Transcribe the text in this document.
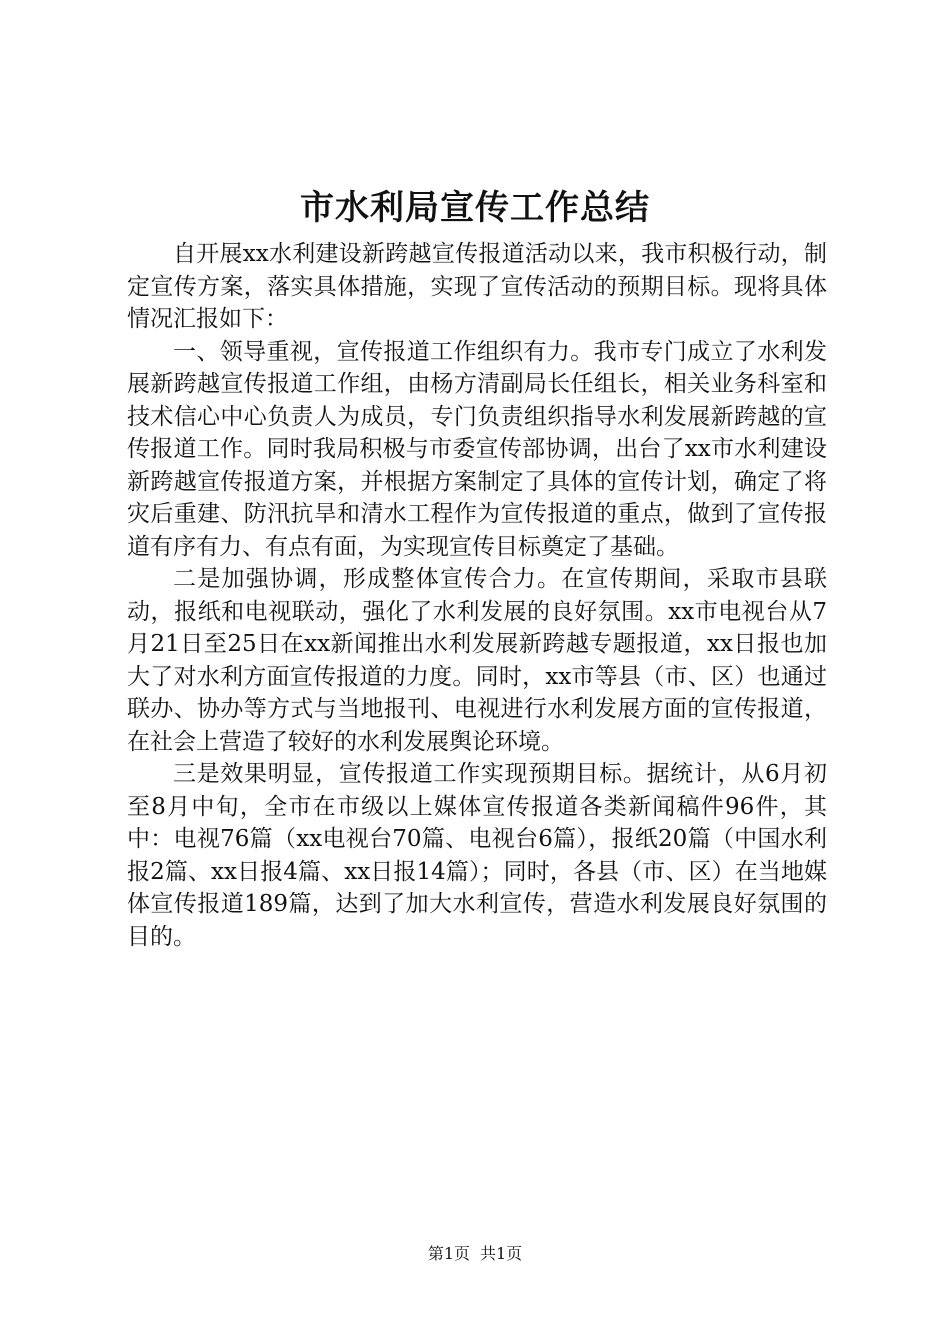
市水利局宣传工作总结

自开展xx水利建设新跨越宣传报道活动以来，我市积极行动，制定宣传方案，落实具体措施，实现了宣传活动的预期目标。现将具体情况汇报如下：

一、领导重视，宣传报道工作组织有力。我市专门成立了水利发展新跨越宣传报道工作组，由杨方清副局长任组长，相关业务科室和技术信心中心负责人为成员，专门负责组织指导水利发展新跨越的宣传报道工作。同时我局积极与市委宣传部协调，出台了xx市水利建设新跨越宣传报道方案，并根据方案制定了具体的宣传计划，确定了将灾后重建、防汛抗旱和清水工程作为宣传报道的重点，做到了宣传报道有序有力、有点有面，为实现宣传目标奠定了基础。

二是加强协调，形成整体宣传合力。在宣传期间，采取市县联动，报纸和电视联动，强化了水利发展的良好氛围。xx市电视台从7月21日至25日在xx新闻推出水利发展新跨越专题报道，xx日报也加大了对水利方面宣传报道的力度。同时，xx市等县（市、区）也通过联办、协办等方式与当地报刊、电视进行水利发展方面的宣传报道，在社会上营造了较好的水利发展舆论环境。

三是效果明显，宣传报道工作实现预期目标。据统计，从6月初至8月中旬，全市在市级以上媒体宣传报道各类新闻稿件96件，其中：电视76篇（xx电视台70篇、电视台6篇），报纸20篇（中国水利报2篇、xx日报4篇、xx日报14篇）；同时，各县（市、区）在当地媒体宣传报道189篇，达到了加大水利宣传，营造水利发展良好氛围的目的。

第1页 共1页
